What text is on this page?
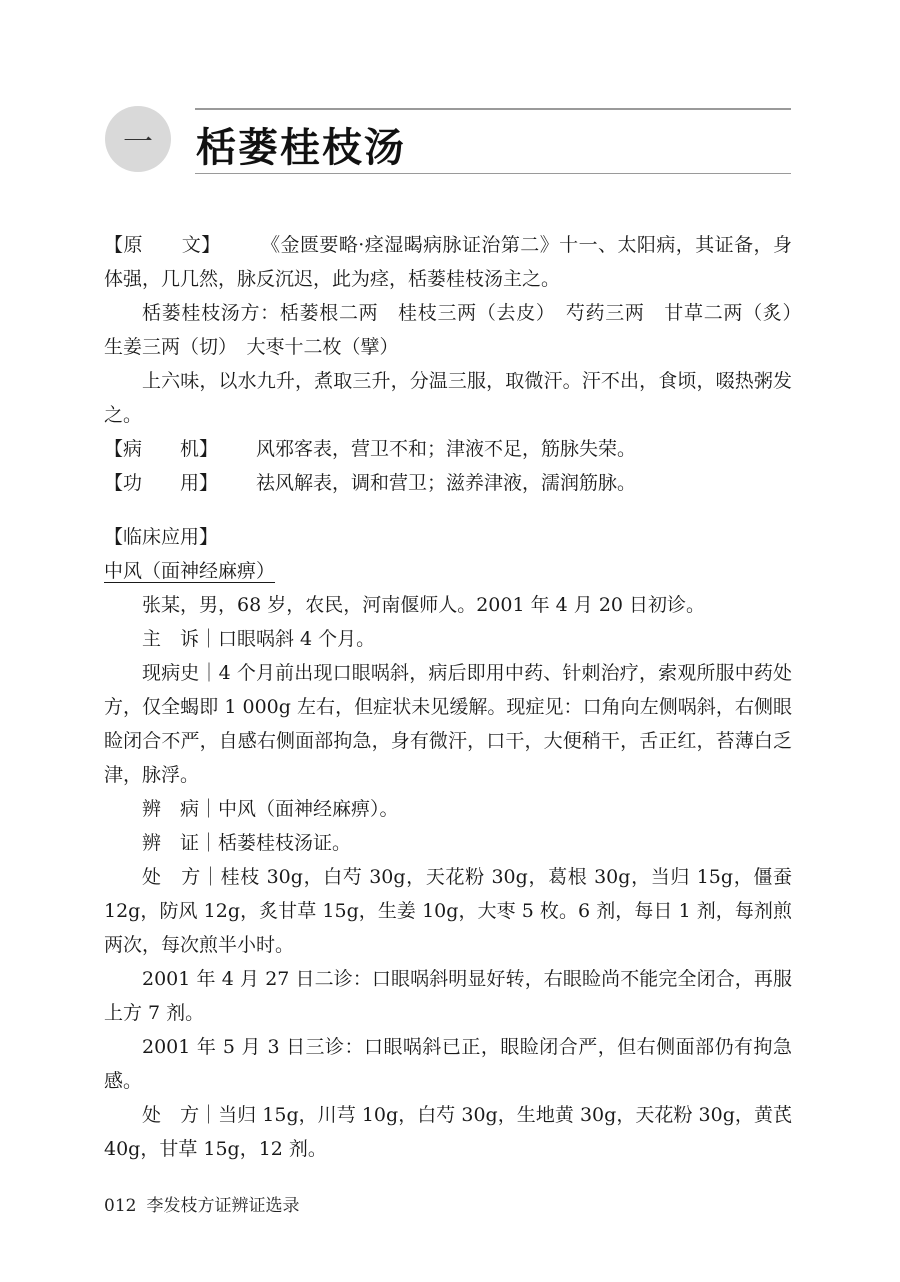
一 栝蒌桂枝汤
【原　　文】 《金匮要略·痉湿暍病脉证治第二》十一、太阳病，其证备，身体强，几几然，脉反沉迟，此为痉，栝蒌桂枝汤主之。
栝蒌桂枝汤方：栝蒌根二两　桂枝三两（去皮）　芍药三两　甘草二两（炙）　生姜三两（切）　大枣十二枚（擘）
上六味，以水九升，煮取三升，分温三服，取微汗。汗不出，食顷，啜热粥发之。
【病　　机】	风邪客表，营卫不和；津液不足，筋脉失荣。
【功　　用】	祛风解表，调和营卫；滋养津液，濡润筋脉。
【临床应用】
中风（面神经麻痹）
张某，男，68 岁，农民，河南偃师人。2001 年 4 月 20 日初诊。
主　诉｜口眼㖞斜 4 个月。
现病史｜4 个月前出现口眼㖞斜，病后即用中药、针刺治疗，索观所服中药处方，仅全蝎即 1 000g 左右，但症状未见缓解。现症见：口角向左侧㖞斜，右侧眼睑闭合不严，自感右侧面部拘急，身有微汗，口干，大便稍干，舌正红，苔薄白乏津，脉浮。
辨　病｜中风（面神经麻痹）。
辨　证｜栝蒌桂枝汤证。
处　方｜桂枝 30g，白芍 30g，天花粉 30g，葛根 30g，当归 15g，僵蚕 12g，防风 12g，炙甘草 15g，生姜 10g，大枣 5 枚。6 剂，每日 1 剂，每剂煎两次，每次煎半小时。
2001 年 4 月 27 日二诊：口眼㖞斜明显好转，右眼睑尚不能完全闭合，再服上方 7 剂。
2001 年 5 月 3 日三诊：口眼㖞斜已正，眼睑闭合严，但右侧面部仍有拘急感。
处　方｜当归 15g，川芎 10g，白芍 30g，生地黄 30g，天花粉 30g，黄芪 40g，甘草 15g，12 剂。
012 李发枝方证辨证选录
